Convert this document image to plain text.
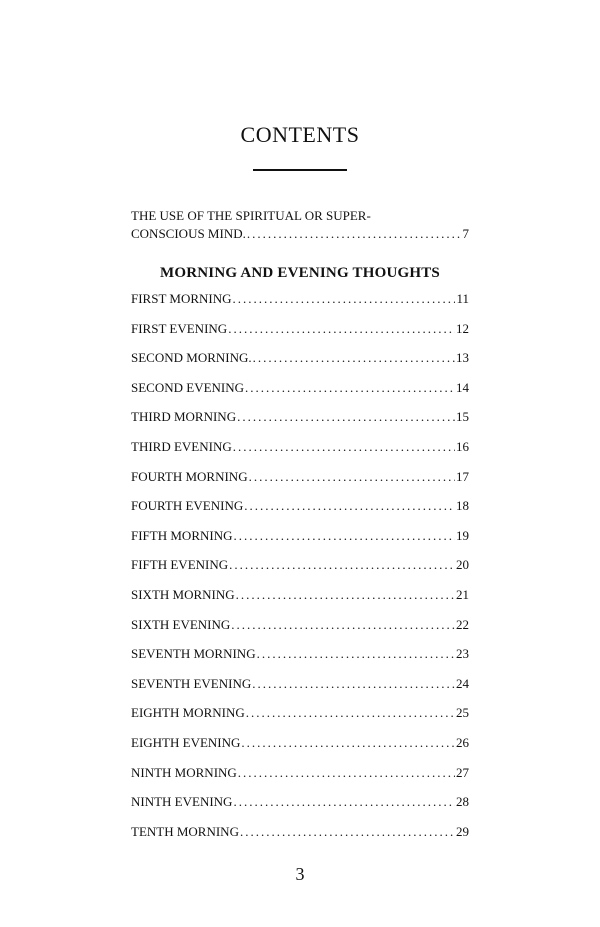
CONTENTS
THE USE OF THE SPIRITUAL OR SUPER-
CONSCIOUS MIND. .....	7
MORNING AND EVENING THOUGHTS
FIRST MORNING .....	11
FIRST EVENING .....	12
SECOND MORNING. .....	13
SECOND EVENING .....	14
THIRD MORNING .....	15
THIRD EVENING .....	16
FOURTH MORNING .....	17
FOURTH EVENING .....	18
FIFTH MORNING .....	19
FIFTH EVENING .....	20
SIXTH MORNING .....	21
SIXTH EVENING .....	22
SEVENTH MORNING .....	23
SEVENTH EVENING .....	24
EIGHTH MORNING .....	25
EIGHTH EVENING .....	26
NINTH MORNING .....	27
NINTH EVENING .....	28
TENTH MORNING .....	29
3
